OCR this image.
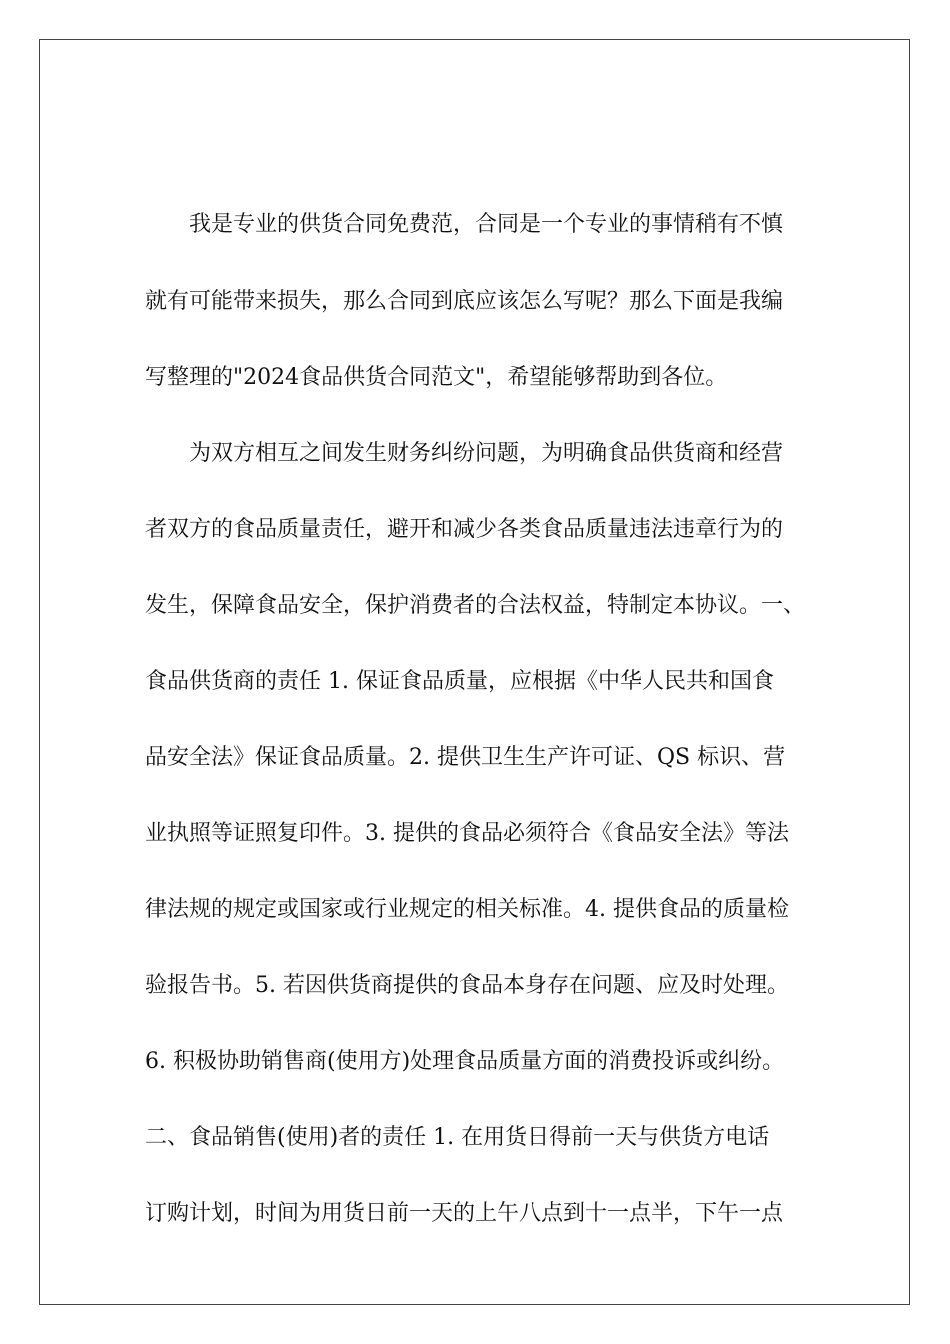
　　我是专业的供货合同免费范，合同是一个专业的事情稍有不慎
就有可能带来损失，那么合同到底应该怎么写呢？那么下面是我编
写整理的"2024食品供货合同范文"，希望能够帮助到各位。
　　为双方相互之间发生财务纠纷问题，为明确食品供货商和经营
者双方的食品质量责任，避开和减少各类食品质量违法违章行为的
发生，保障食品安全，保护消费者的合法权益，特制定本协议。一、
食品供货商的责任 1. 保证食品质量，应根据《中华人民共和国食
品安全法》保证食品质量。2. 提供卫生生产许可证、QS 标识、营
业执照等证照复印件。3. 提供的食品必须符合《食品安全法》等法
律法规的规定或国家或行业规定的相关标准。4. 提供食品的质量检
验报告书。5. 若因供货商提供的食品本身存在问题、应及时处理。
6. 积极协助销售商(使用方)处理食品质量方面的消费投诉或纠纷。
二、食品销售(使用)者的责任 1. 在用货日得前一天与供货方电话
订购计划，时间为用货日前一天的上午八点到十一点半，下午一点
